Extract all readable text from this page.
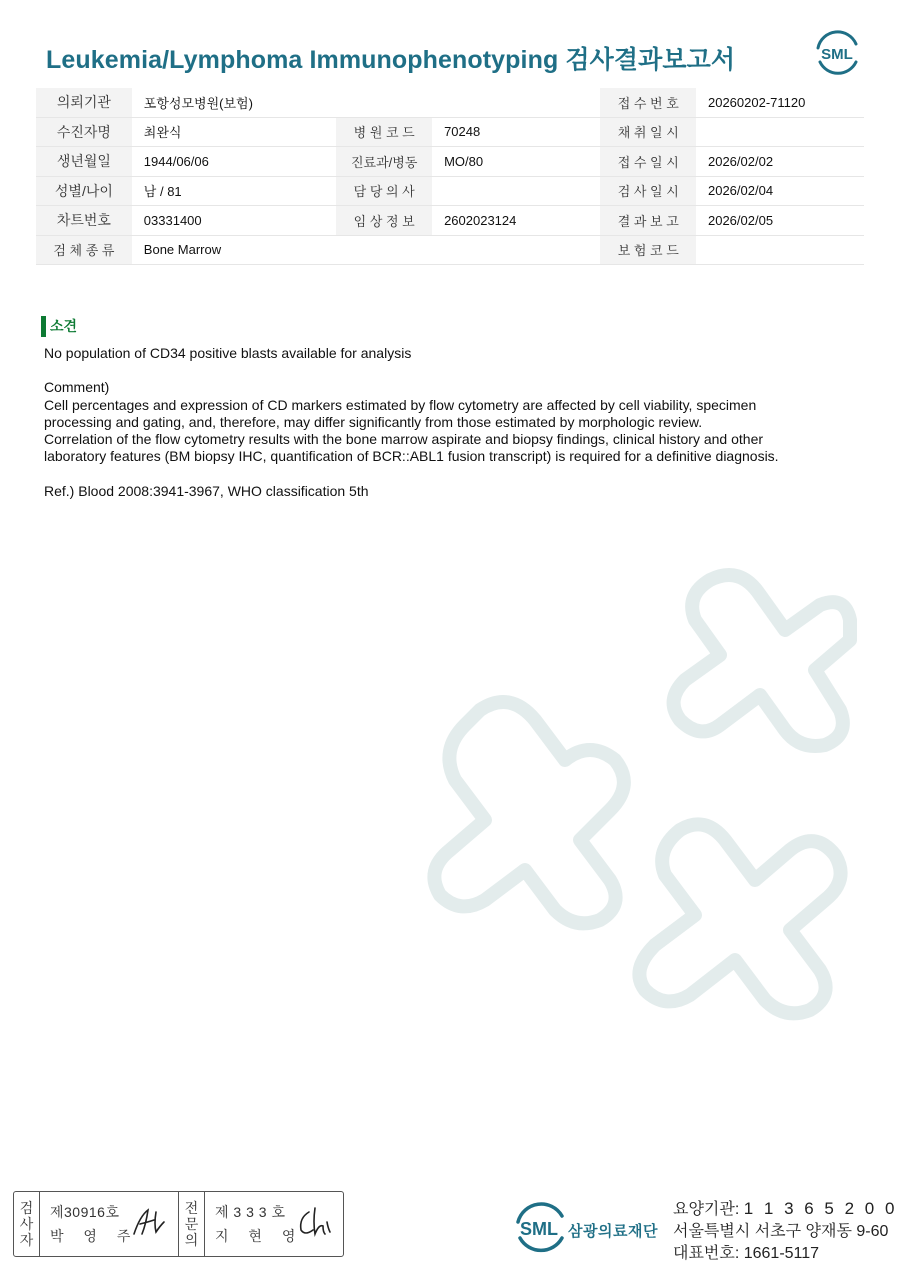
Leukemia/Lymphoma Immunophenotyping 검사결과보고서	SML
의뢰기관	포항성모병원(보험)			접 수 번 호	20260202-71120
수진자명	최완식	병 원 코 드	70248	채 취 일 시	
생년월일	1944/06/06	진료과/병동	MO/80	접 수 일 시	2026/02/02
성별/나이	남 / 81	담 당 의 사		검 사 일 시	2026/02/04
차트번호	03331400	임 상 정 보	2602023124	결 과 보 고	2026/02/05
검 체 종 류	Bone Marrow			보 험 코 드	
소견

No population of CD34 positive blasts available for analysis

Comment)

Cell percentages and expression of CD markers estimated by flow cytometry are affected by cell viability, specimen

processing and gating, and, therefore, may differ significantly from those estimated by morphologic review.

Correlation of the flow cytometry results with the bone marrow aspirate and biopsy findings, clinical history and other

laboratory features (BM biopsy IHC, quantification of BCR::ABL1 fusion transcript) is required for a definitive diagnosis.

Ref.) Blood 2008:3941-3967, WHO classification 5th

검
사
자
제30916호
박 영 주
전
문
의
제 3 3 3 호
지 현 영	SML 삼광의료재단
요양기관: 1 1 3 6 5 2 0 0
서울특별시 서초구 양재동 9-60
대표번호: 1661-5117
